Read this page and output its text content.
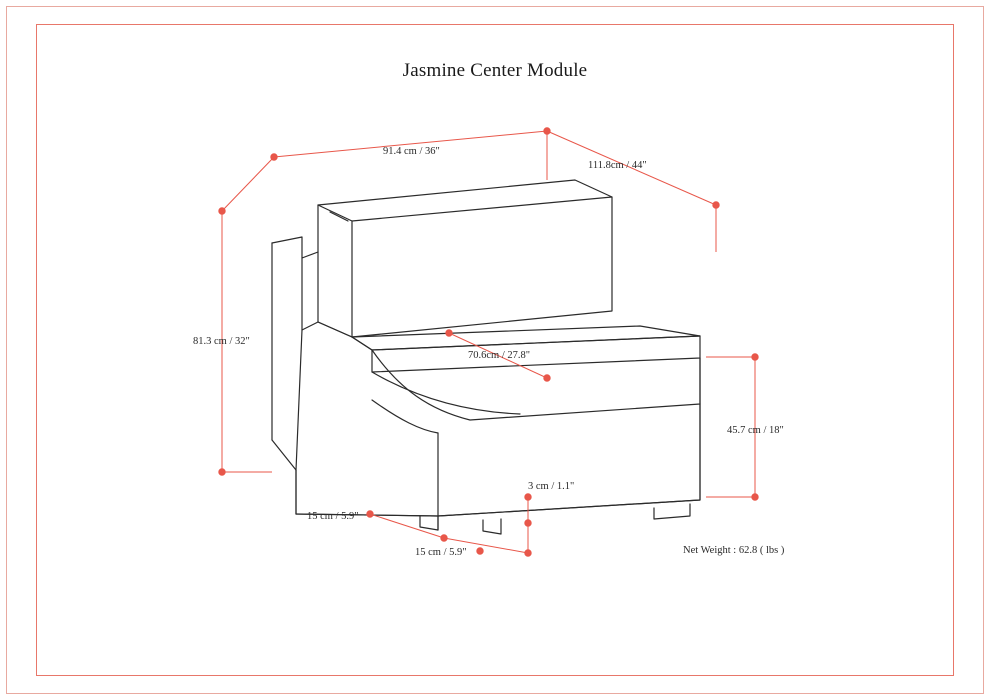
Jasmine Center Module
91.4 cm / 36"
111.8cm / 44"
81.3 cm / 32"
70.6cm / 27.8"
45.7 cm / 18"
3 cm / 1.1"
15 cm / 5.9"
15 cm / 5.9"	Net Weight : 62.8 ( lbs )
